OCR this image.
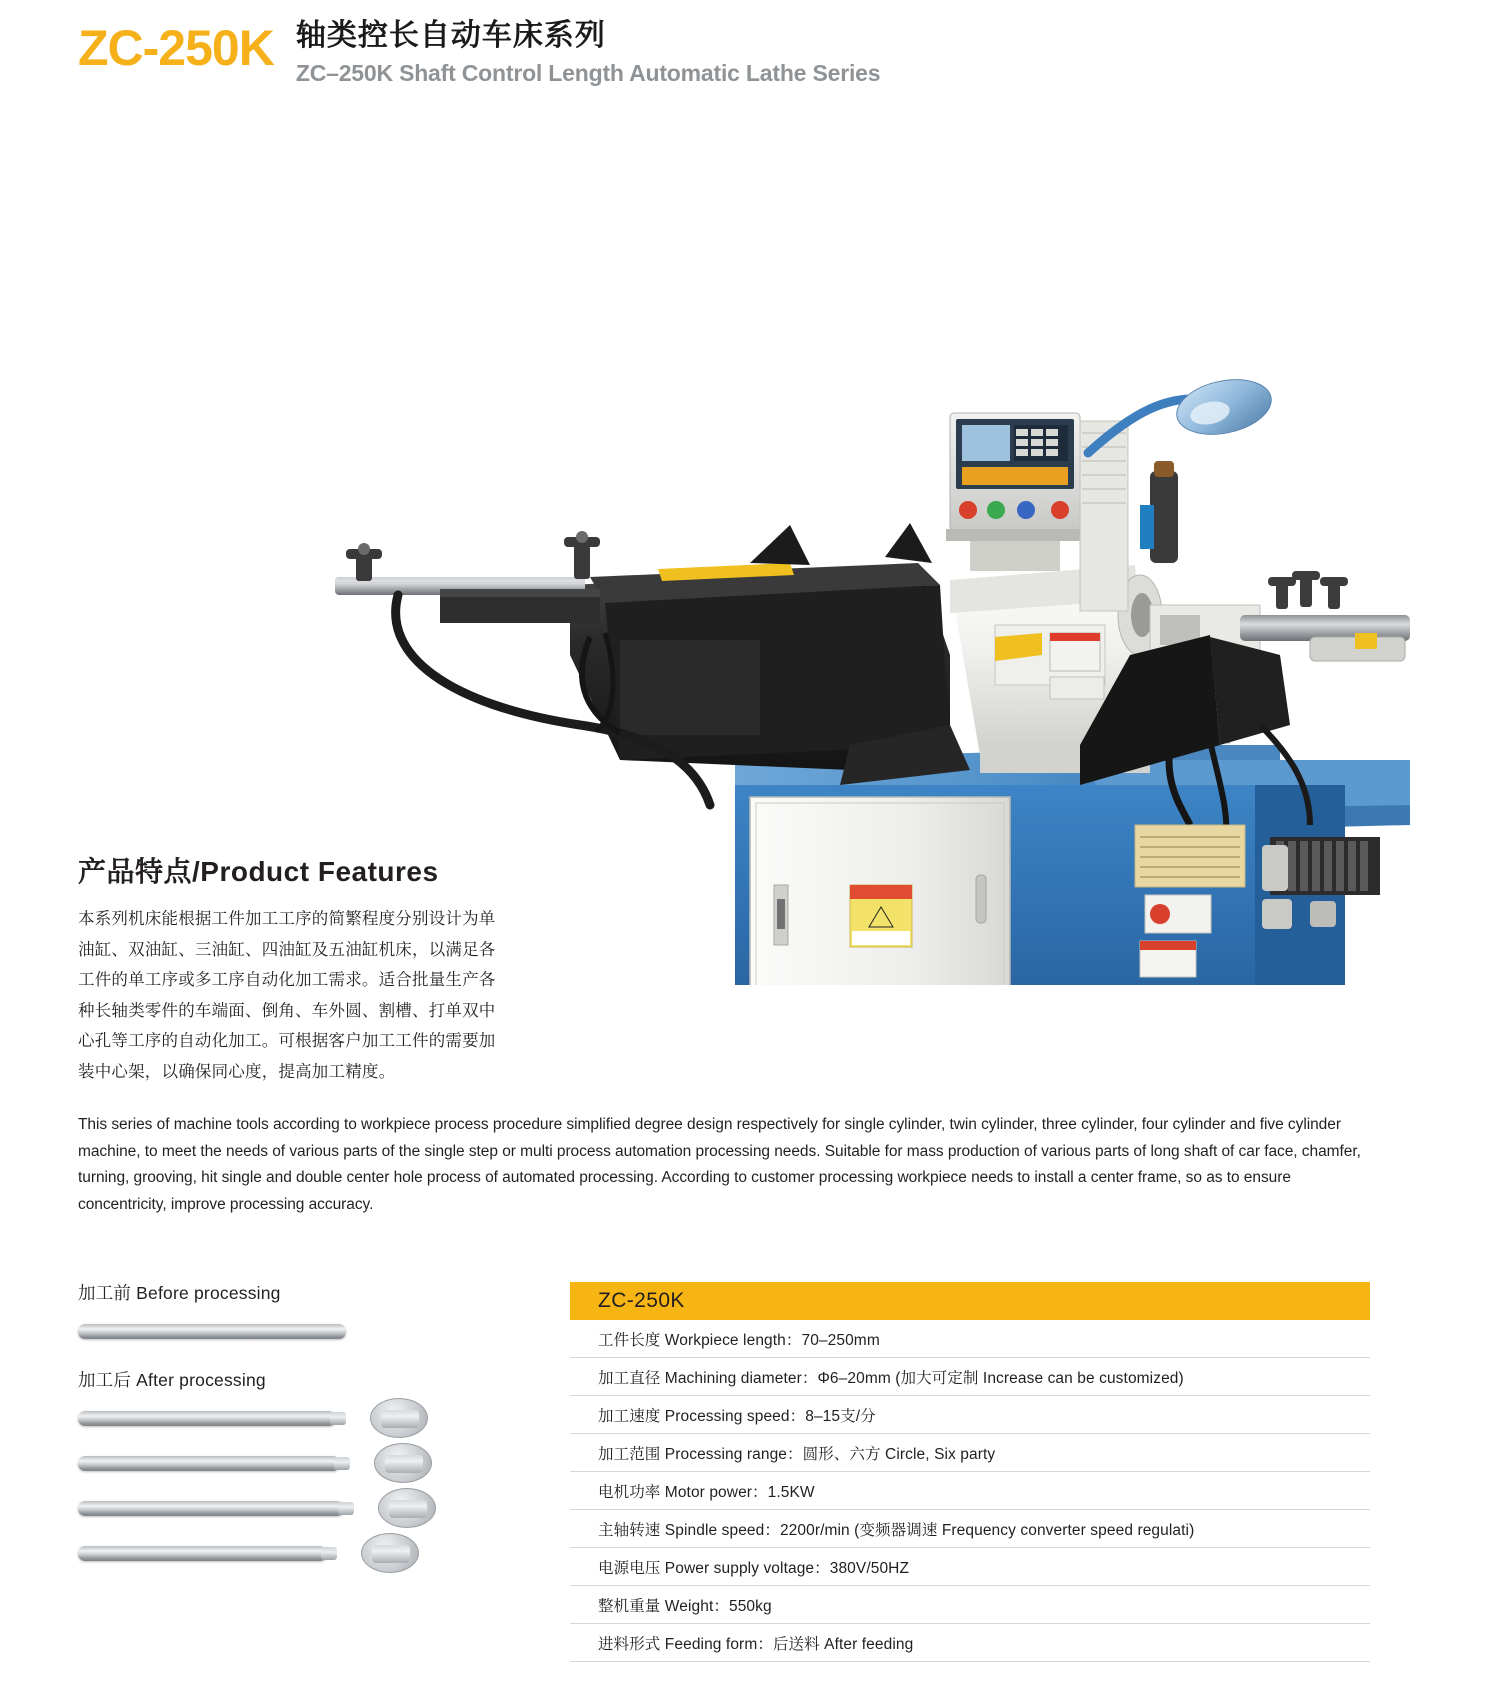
ZC-250K 轴类控长自动车床系列
ZC–250K Shaft Control Length Automatic Lathe Series
产品特点/Product Features
本系列机床能根据工件加工工序的简繁程度分别设计为单油缸、双油缸、三油缸、四油缸及五油缸机床，以满足各工件的单工序或多工序自动化加工需求。适合批量生产各种长轴类零件的车端面、倒角、车外圆、割槽、打单双中心孔等工序的自动化加工。可根据客户加工工件的需要加装中心架，以确保同心度，提高加工精度。
This series of machine tools according to workpiece process procedure simplified degree design respectively for single cylinder, twin cylinder, three cylinder, four cylinder and five cylinder machine, to meet the needs of various parts of the single step or multi process automation processing needs. Suitable for mass production of various parts of long shaft of car face, chamfer, turning, grooving, hit single and double center hole process of automated processing. According to customer processing workpiece needs to install a center frame, so as to ensure concentricity, improve processing accuracy.
加工前 Before processing
加工后 After processing
ZC-250K
工件长度 Workpiece length：70–250mm
加工直径 Machining diameter：Φ6–20mm (加大可定制 Increase can be customized)
加工速度 Processing speed：8–15支/分
加工范围 Processing range：圆形、六方 Circle, Six party
电机功率 Motor power：1.5KW
主轴转速 Spindle speed：2200r/min (变频器调速 Frequency converter speed regulati)
电源电压 Power supply voltage：380V/50HZ
整机重量 Weight：550kg
进料形式 Feeding form：后送料 After feeding
